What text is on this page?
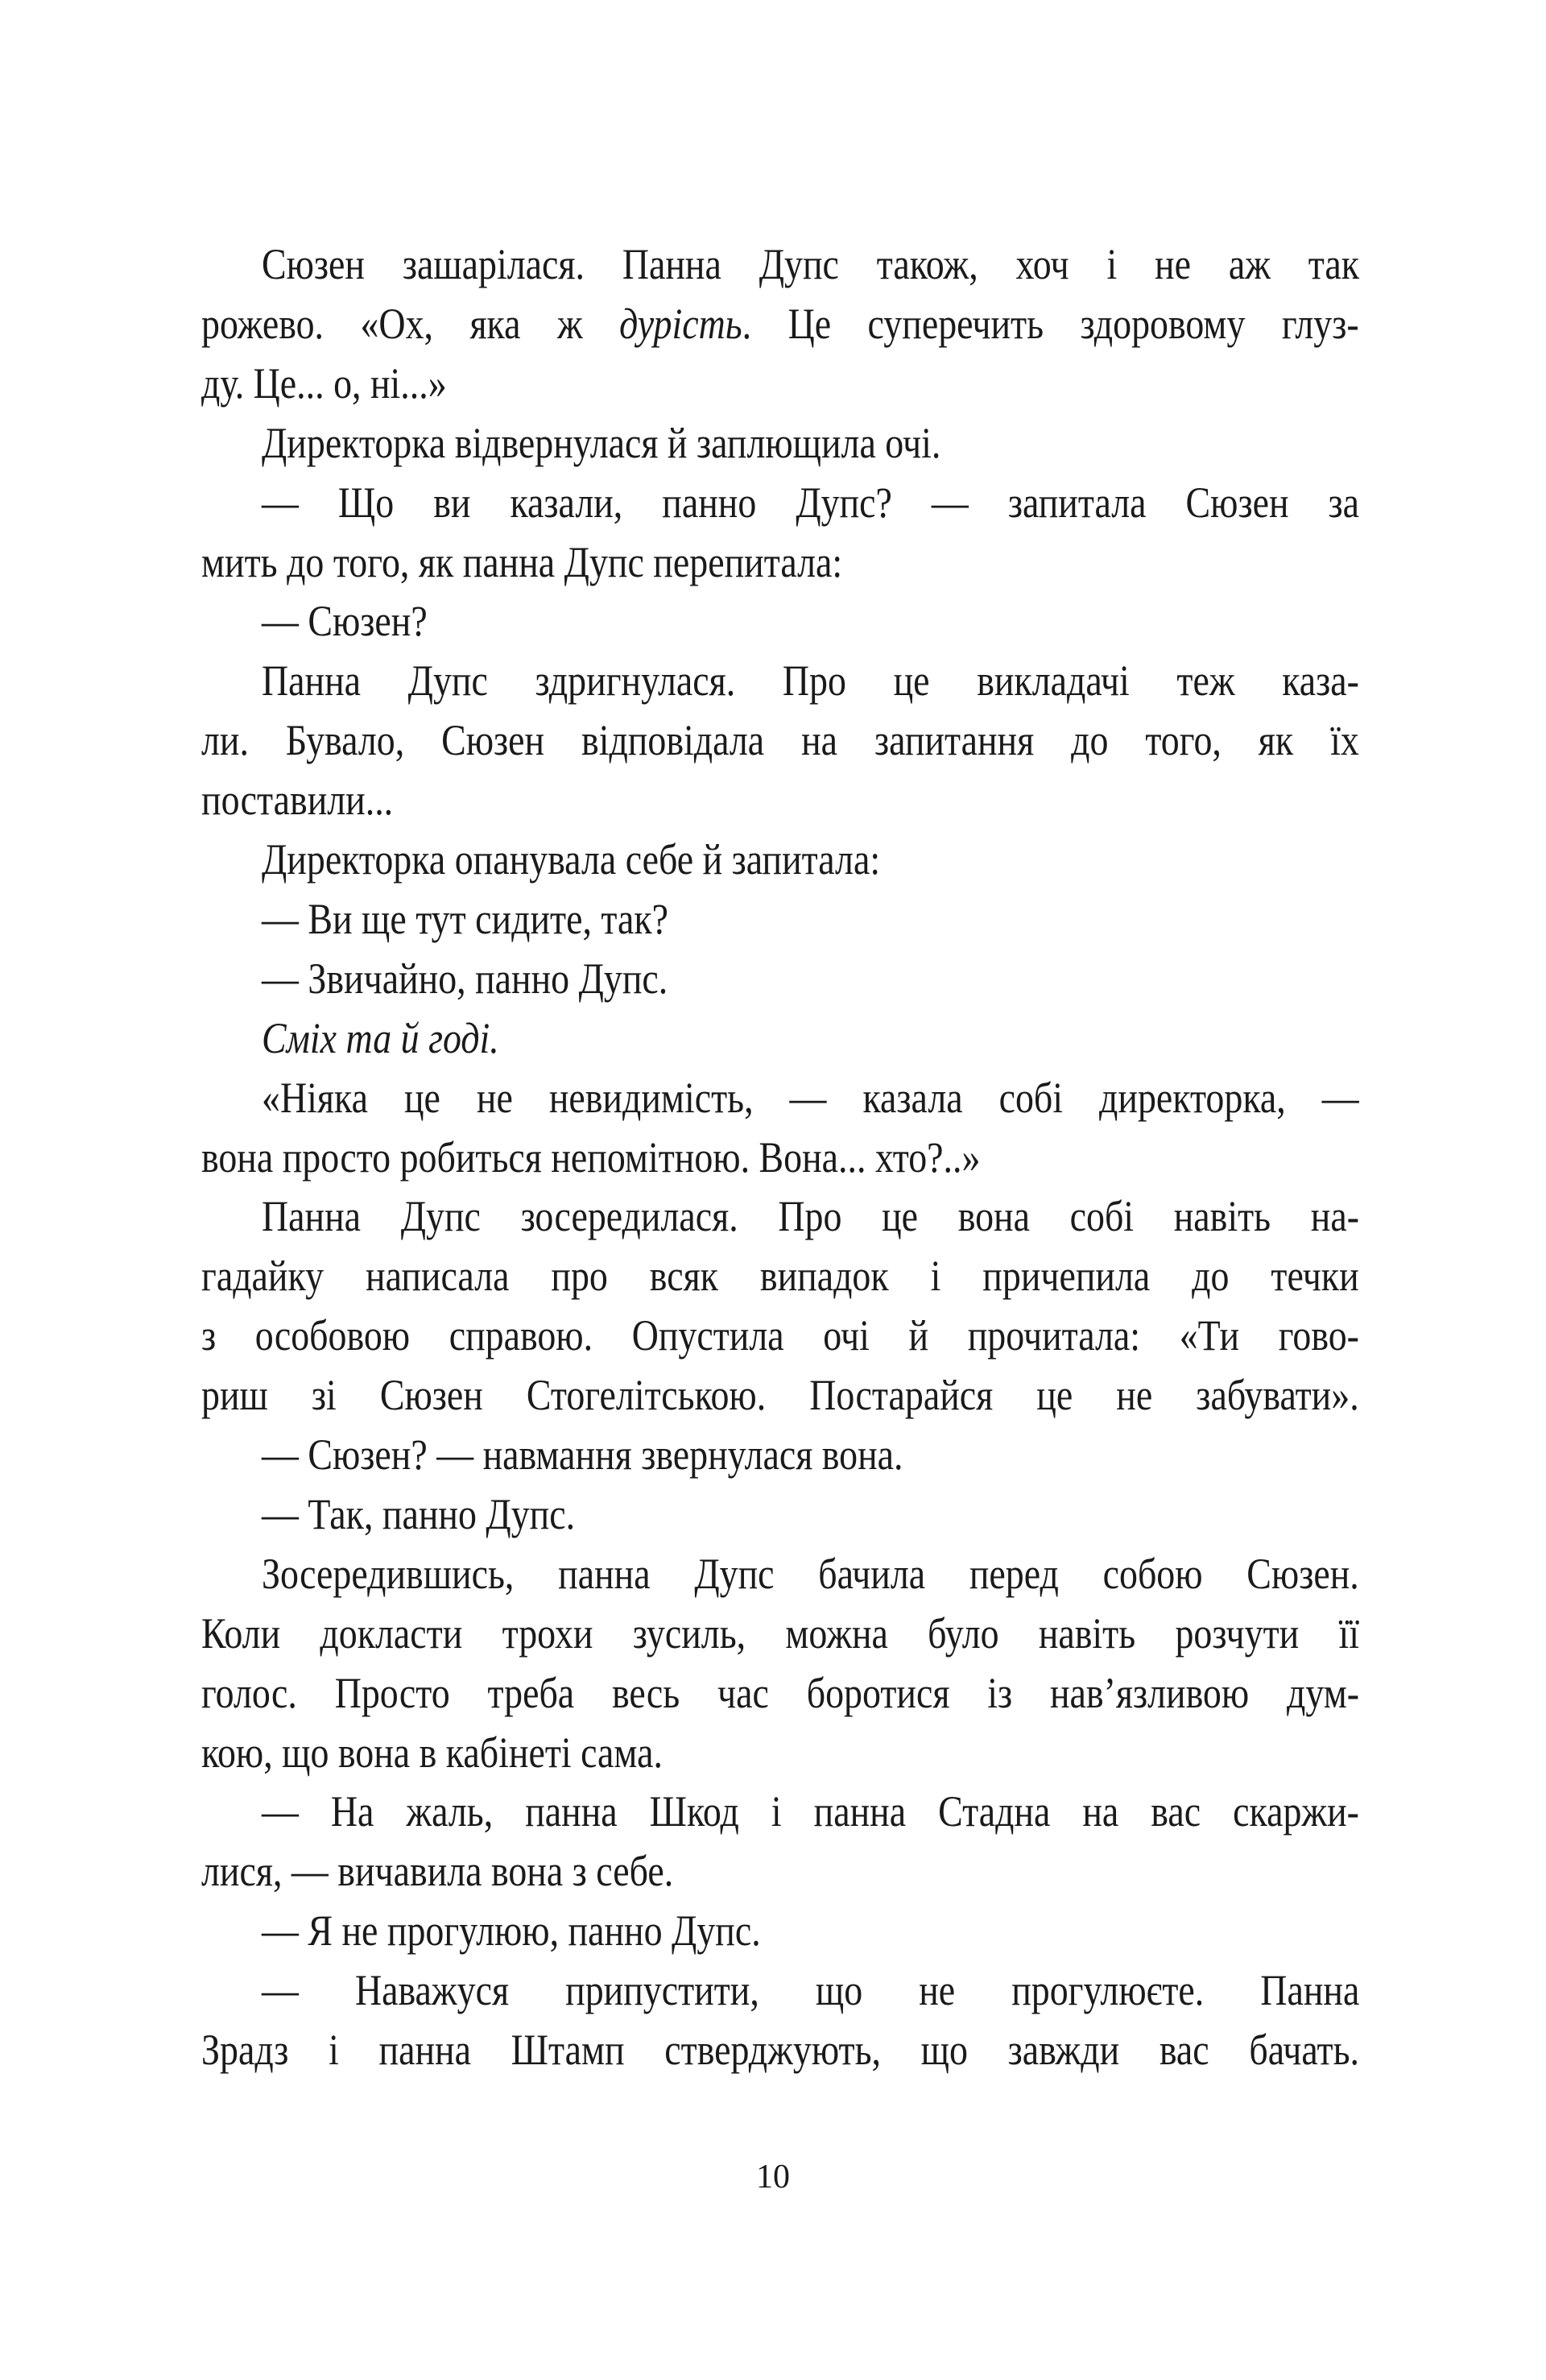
Сюзен зашарілася. Панна Дупс також, хоч і не аж так
рожево. «Ох, яка ж дурість. Це суперечить здоровому глуз-
ду. Це... о, ні...»
Директорка відвернулася й заплющила очі.
— Що ви казали, панно Дупс? — запитала Сюзен за
мить до того, як панна Дупс перепитала:
— Сюзен?
Панна Дупс здригнулася. Про це викладачі теж каза-
ли. Бувало, Сюзен відповідала на запитання до того, як їх
поставили...
Директорка опанувала себе й запитала:
— Ви ще тут сидите, так?
— Звичайно, панно Дупс.
Сміх та й годі.
«Ніяка це не невидимість, — казала собі директорка, —
вона просто робиться непомітною. Вона... хто?..»
Панна Дупс зосередилася. Про це вона собі навіть на-
гадайку написала про всяк випадок і причепила до течки
з особовою справою. Опустила очі й прочитала: «Ти гово-
риш зі Сюзен Стогелітською. Постарайся це не забувати».
— Сюзен? — навмання звернулася вона.
— Так, панно Дупс.
Зосередившись, панна Дупс бачила перед собою Сюзен.
Коли докласти трохи зусиль, можна було навіть розчути її
голос. Просто треба весь час боротися із нав’язливою дум-
кою, що вона в кабінеті сама.
— На жаль, панна Шкод і панна Стадна на вас скаржи-
лися, — вичавила вона з себе.
— Я не прогулюю, панно Дупс.
— Наважуся припустити, що не прогулюєте. Панна
Зрадз і панна Штамп стверджують, що завжди вас бачать.
10
